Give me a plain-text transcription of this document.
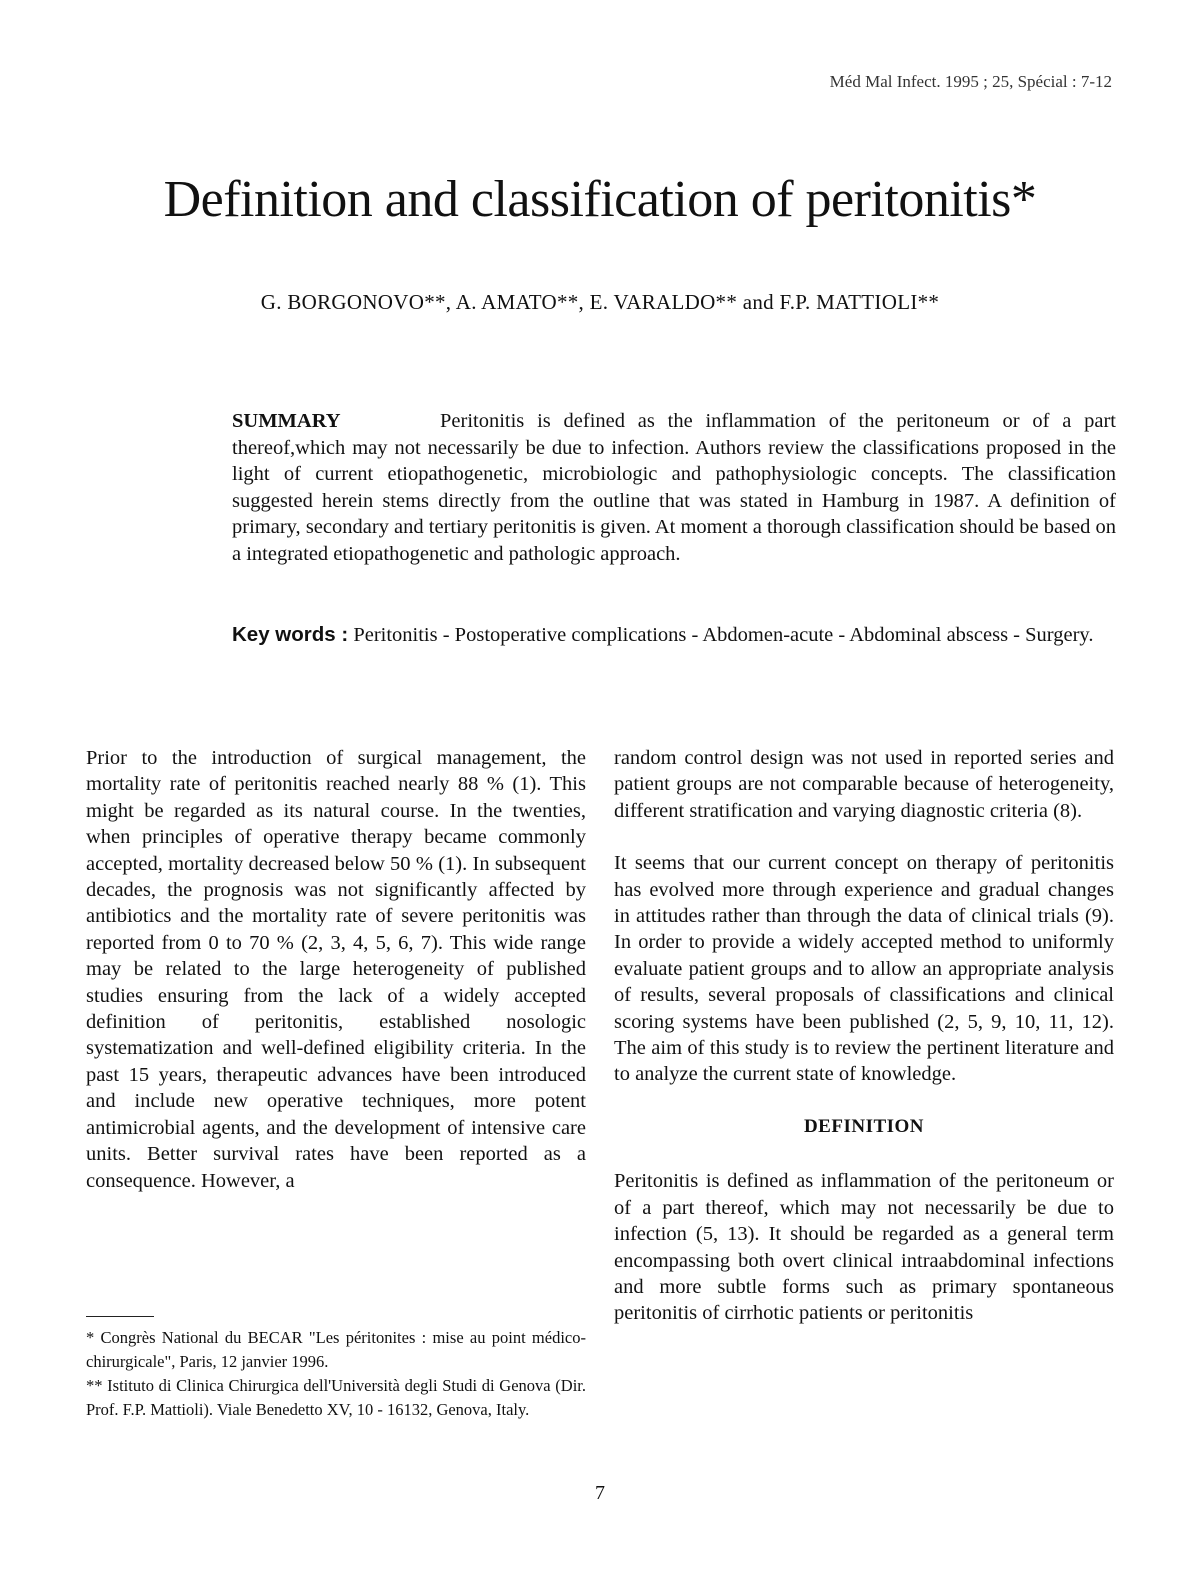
Méd Mal Infect. 1995 ; 25, Spécial : 7-12
Definition and classification of peritonitis*
G. BORGONOVO**, A. AMATO**, E. VARALDO** and F.P. MATTIOLI**
SUMMARY	Peritonitis is defined as the inflammation of the peritoneum or of a part thereof,which may not necessarily be due to infection. Authors review the classifications proposed in the light of current etiopathogenetic, microbiologic and pathophysiologic concepts. The classification suggested herein stems directly from the outline that was stated in Hamburg in 1987. A definition of primary, secondary and tertiary peritonitis is given. At moment a thorough classification should be based on a integrated etiopathogenetic and pathologic approach.
Key words : Peritonitis - Postoperative complications - Abdomen-acute - Abdominal abscess - Surgery.

Prior to the introduction of surgical management, the mortality rate of peritonitis reached nearly 88 % (1). This might be regarded as its natural course. In the twenties, when principles of operative therapy became commonly accepted, mortality decreased below 50 % (1). In subsequent decades, the prognosis was not significantly affected by antibiotics and the mortality rate of severe peritonitis was reported from 0 to 70 % (2, 3, 4, 5, 6, 7). This wide range may be related to the large heterogeneity of published studies ensuring from the lack of a widely accepted definition of peritonitis, established nosologic systematization and well-defined eligibility criteria. In the past 15 years, therapeutic advances have been introduced and include new operative techniques, more potent antimicrobial agents, and the development of intensive care units. Better survival rates have been reported as a consequence. However, a

random control design was not used in reported series and patient groups are not comparable because of heterogeneity, different stratification and varying diagnostic criteria (8).

It seems that our current concept on therapy of peritonitis has evolved more through experience and gradual changes in attitudes rather than through the data of clinical trials (9). In order to provide a widely accepted method to uniformly evaluate patient groups and to allow an appropriate analysis of results, several proposals of classifications and clinical scoring systems have been published (2, 5, 9, 10, 11, 12). The aim of this study is to review the pertinent literature and to analyze the current state of knowledge.

DEFINITION

Peritonitis is defined as inflammation of the peritoneum or of a part thereof, which may not necessarily be due to infection (5, 13). It should be regarded as a general term encompassing both overt clinical intraabdominal infections and more subtle forms such as primary spontaneous peritonitis of cirrhotic patients or peritonitis

* Congrès National du BECAR "Les péritonites : mise au point médico-chirurgicale", Paris, 12 janvier 1996.

** Istituto di Clinica Chirurgica dell'Università degli Studi di Genova (Dir. Prof. F.P. Mattioli). Viale Benedetto XV, 10 - 16132, Genova, Italy.

7
